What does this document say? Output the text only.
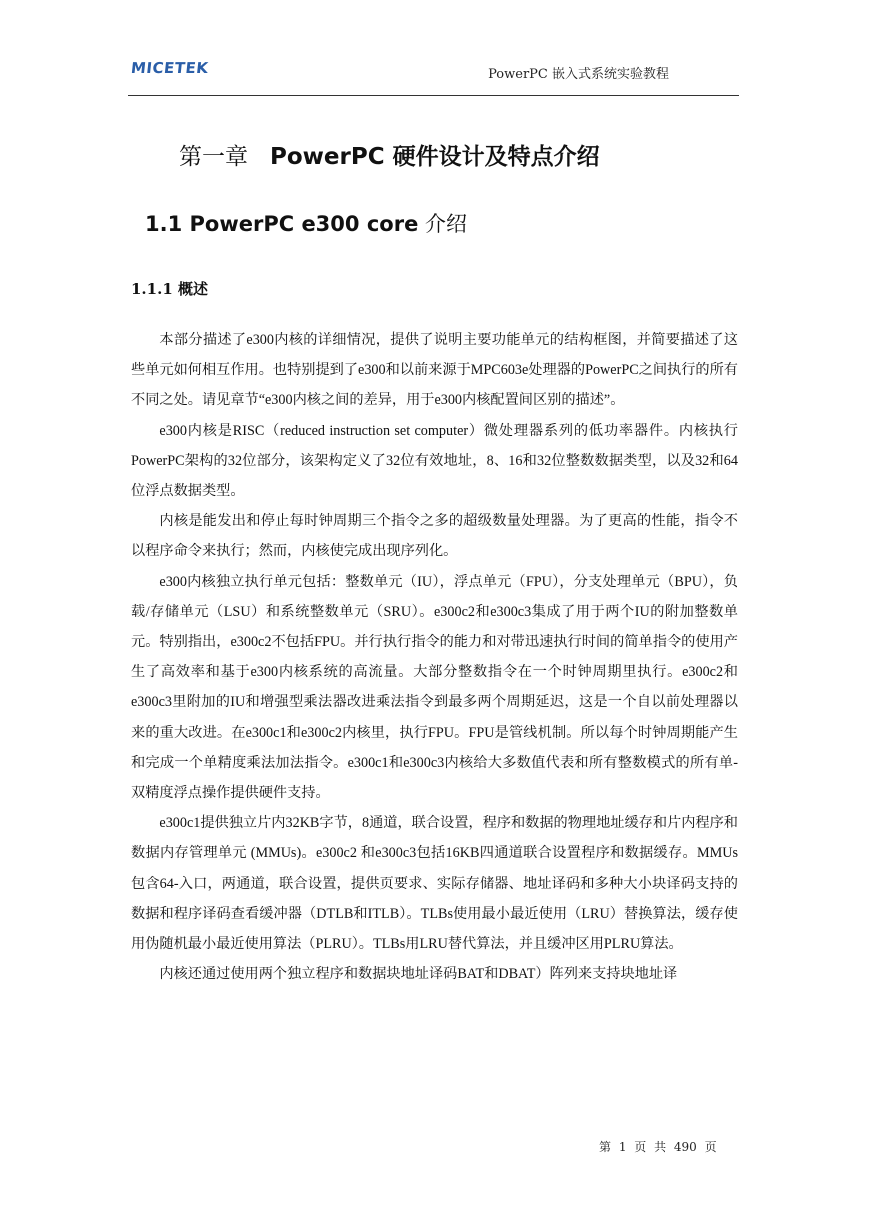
MICETEK	PowerPC 嵌入式系统实验教程
第一章 PowerPC 硬件设计及特点介绍
1.1 PowerPC e300 core 介绍
1.1.1 概述

本部分描述了e300内核的详细情况，提供了说明主要功能单元的结构框图，并简要描述了这些单元如何相互作用。也特别提到了e300和以前来源于MPC603e处理器的PowerPC之间执行的所有不同之处。请见章节“e300内核之间的差异，用于e300内核配置间区别的描述”。

e300内核是RISC（reduced instruction set computer）微处理器系列的低功率器件。内核执行PowerPC架构的32位部分，该架构定义了32位有效地址，8、16和32位整数数据类型，以及32和64位浮点数据类型。

内核是能发出和停止每时钟周期三个指令之多的超级数量处理器。为了更高的性能，指令不以程序命令来执行；然而，内核使完成出现序列化。

e300内核独立执行单元包括：整数单元（IU），浮点单元（FPU），分支处理单元（BPU），负载/存储单元（LSU）和系统整数单元（SRU）。e300c2和e300c3集成了用于两个IU的附加整数单元。特别指出，e300c2不包括FPU。并行执行指令的能力和对带迅速执行时间的简单指令的使用产生了高效率和基于e300内核系统的高流量。大部分整数指令在一个时钟周期里执行。e300c2和e300c3里附加的IU和增强型乘法器改进乘法指令到最多两个周期延迟，这是一个自以前处理器以来的重大改进。在e300c1和e300c2内核里，执行FPU。FPU是管线机制。所以每个时钟周期能产生和完成一个单精度乘法加法指令。e300c1和e300c3内核给大多数值代表和所有整数模式的所有单-双精度浮点操作提供硬件支持。

e300c1提供独立片内32KB字节，8通道，联合设置，程序和数据的物理地址缓存和片内程序和数据内存管理单元 (MMUs)。e300c2 和e300c3包括16KB四通道联合设置程序和数据缓存。MMUs包含64-入口，两通道，联合设置，提供页要求、实际存储器、地址译码和多种大小块译码支持的数据和程序译码查看缓冲器（DTLB和ITLB）。TLBs使用最小最近使用（LRU）替换算法，缓存使用伪随机最小最近使用算法（PLRU）。TLBs用LRU替代算法，并且缓冲区用PLRU算法。

内核还通过使用两个独立程序和数据块地址译码BAT和DBAT）阵列来支持块地址译

第 1 页 共 490 页
